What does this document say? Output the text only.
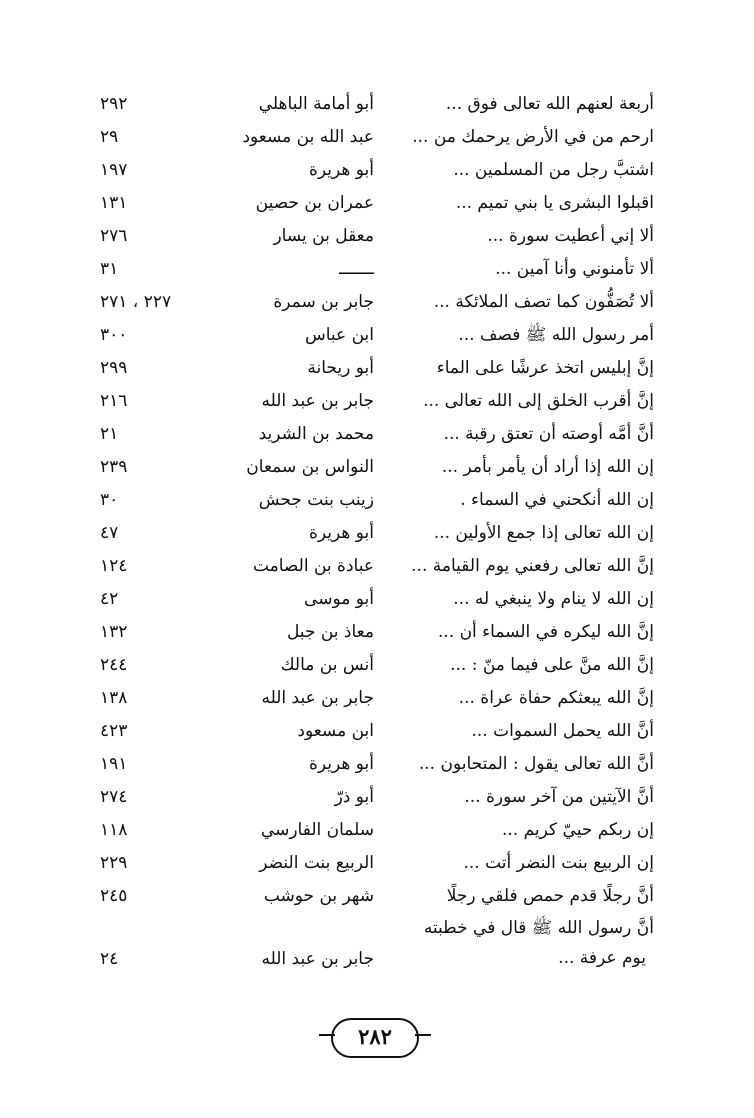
أربعة لعنهم الله تعالى فوق ...
أبو أمامة الباهلي
٢٩٢
ارحم من في الأرض يرحمك من ...
عبد الله بن مسعود
٢٩
اشتبَّ رجل من المسلمين ...
أبو هريرة
١٩٧
اقبلوا البشرى يا بني تميم ...
عمران بن حصين
١٣١
ألا إني أعطيت سورة ...
معقل بن يسار
٢٧٦
ألا تأمنوني وأنا آمين ...
ـــــــ
٣١
ألا تُصَفُّون كما تصف الملائكة ...
جابر بن سمرة
٢٢٧ ، ٢٧١
أمر رسول الله ﷺ فصف ...
ابن عباس
٣٠٠
إنَّ إبليس اتخذ عرشًا على الماء
أبو ريحانة
٢٩٩
إنَّ أقرب الخلق إلى الله تعالى ...
جابر بن عبد الله
٢١٦
أنَّ أمَّه أوصته أن تعتق رقبة ...
محمد بن الشريد
٢١
إن الله إذا أراد أن يأمر بأمر ...
النواس بن سمعان
٢٣٩
إن الله أنكحني في السماء .
زينب بنت جحش
٣٠
إن الله تعالى إذا جمع الأولين ...
أبو هريرة
٤٧
إنَّ الله تعالى رفعني يوم القيامة ...
عبادة بن الصامت
١٢٤
إن الله لا ينام ولا ينبغي له ...
أبو موسى
٤٢
إنَّ الله ليكره في السماء أن ...
معاذ بن جبل
١٣٢
إنَّ الله منَّ على فيما منّ : ...
أنس بن مالك
٢٤٤
إنَّ الله يبعثكم حفاة عراة ...
جابر بن عبد الله
١٣٨
أنَّ الله يحمل السموات ...
ابن مسعود
٤٢٣
أنَّ الله تعالى يقول : المتحابون ...
أبو هريرة
١٩١
أنَّ الآيتين من آخر سورة ...
أبو ذرّ
٢٧٤
إن ربكم حييّ كريم ...
سلمان الفارسي
١١٨
إن الربيع بنت النضر أتت ...
الربيع بنت النضر
٢٢٩
أنَّ رجلًا قدم حمص فلقي رجلًا
شهر بن حوشب
٢٤٥
أنَّ رسول الله ﷺ قال في خطبته
يوم عرفة ...
جابر بن عبد الله
٢٤
٢٨٢
